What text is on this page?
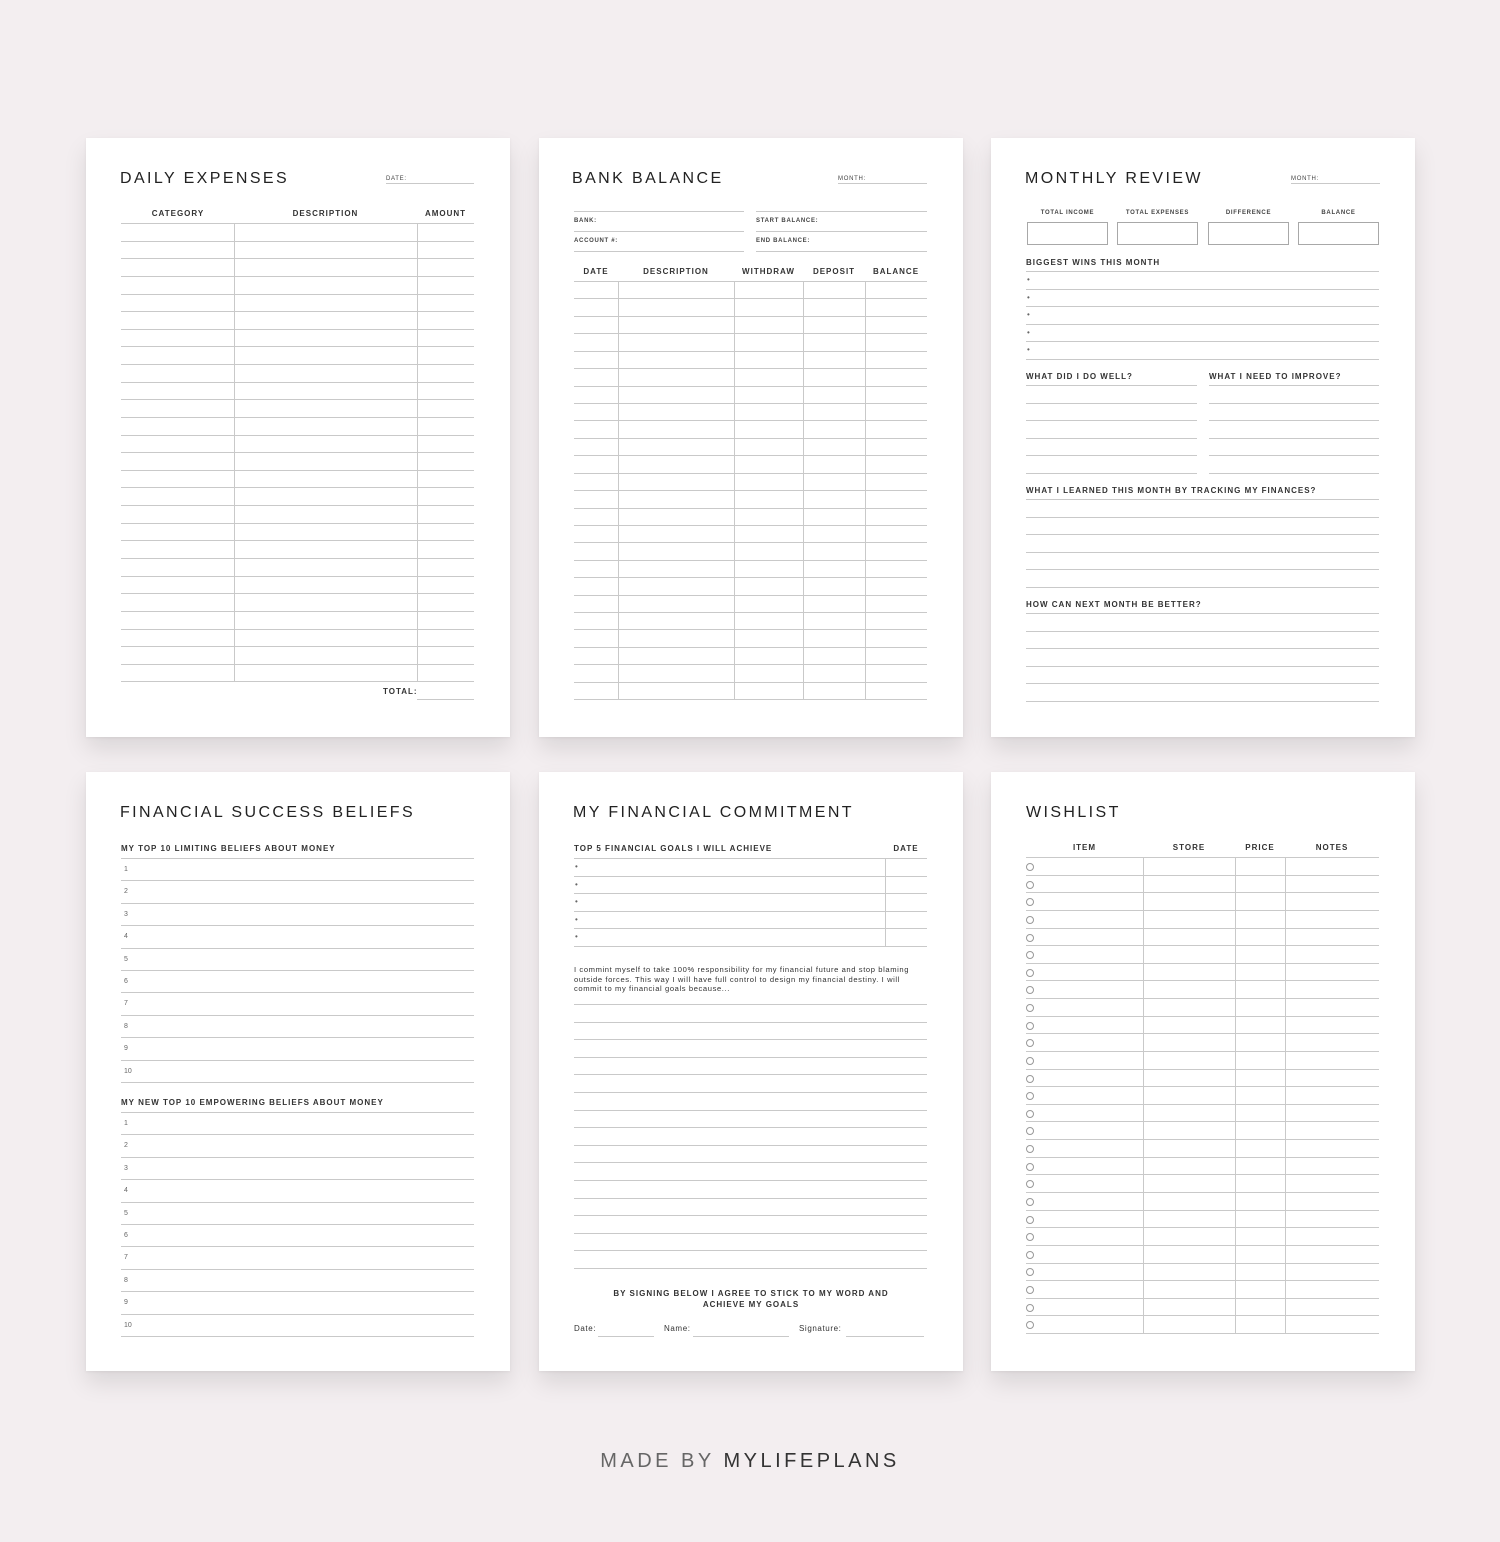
DAILY EXPENSES	DATE:
CATEGORY	DESCRIPTION	AMOUNT
TOTAL:
BANK BALANCE	MONTH:
BANK:	START BALANCE:
ACCOUNT #:	END BALANCE:
DATE	DESCRIPTION	WITHDRAW	DEPOSIT	BALANCE
MONTHLY REVIEW	MONTH:
TOTAL INCOME	TOTAL EXPENSES	DIFFERENCE	BALANCE
BIGGEST WINS THIS MONTH
•
•
•
•
•
WHAT DID I DO WELL?	WHAT I NEED TO IMPROVE?
WHAT I LEARNED THIS MONTH BY TRACKING MY FINANCES?
HOW CAN NEXT MONTH BE BETTER?
FINANCIAL SUCCESS BELIEFS
MY TOP 10 LIMITING BELIEFS ABOUT MONEY
1
2
3
4
5
6
7
8
9
10
MY NEW TOP 10 EMPOWERING BELIEFS ABOUT MONEY
1
2
3
4
5
6
7
8
9
10
MY FINANCIAL COMMITMENT
TOP 5 FINANCIAL GOALS I WILL ACHIEVE	DATE
•
•
•
•
•
I commint myself to take 100% responsibility for my financial future and stop blaming outside forces. This way I will have full control to design my financial destiny. I will commit to my financial goals because...
BY SIGNING BELOW I AGREE TO STICK TO MY WORD AND ACHIEVE MY GOALS
Date:	Name:	Signature:
WISHLIST
ITEM	STORE	PRICE	NOTES
MADE BY MYLIFEPLANS
